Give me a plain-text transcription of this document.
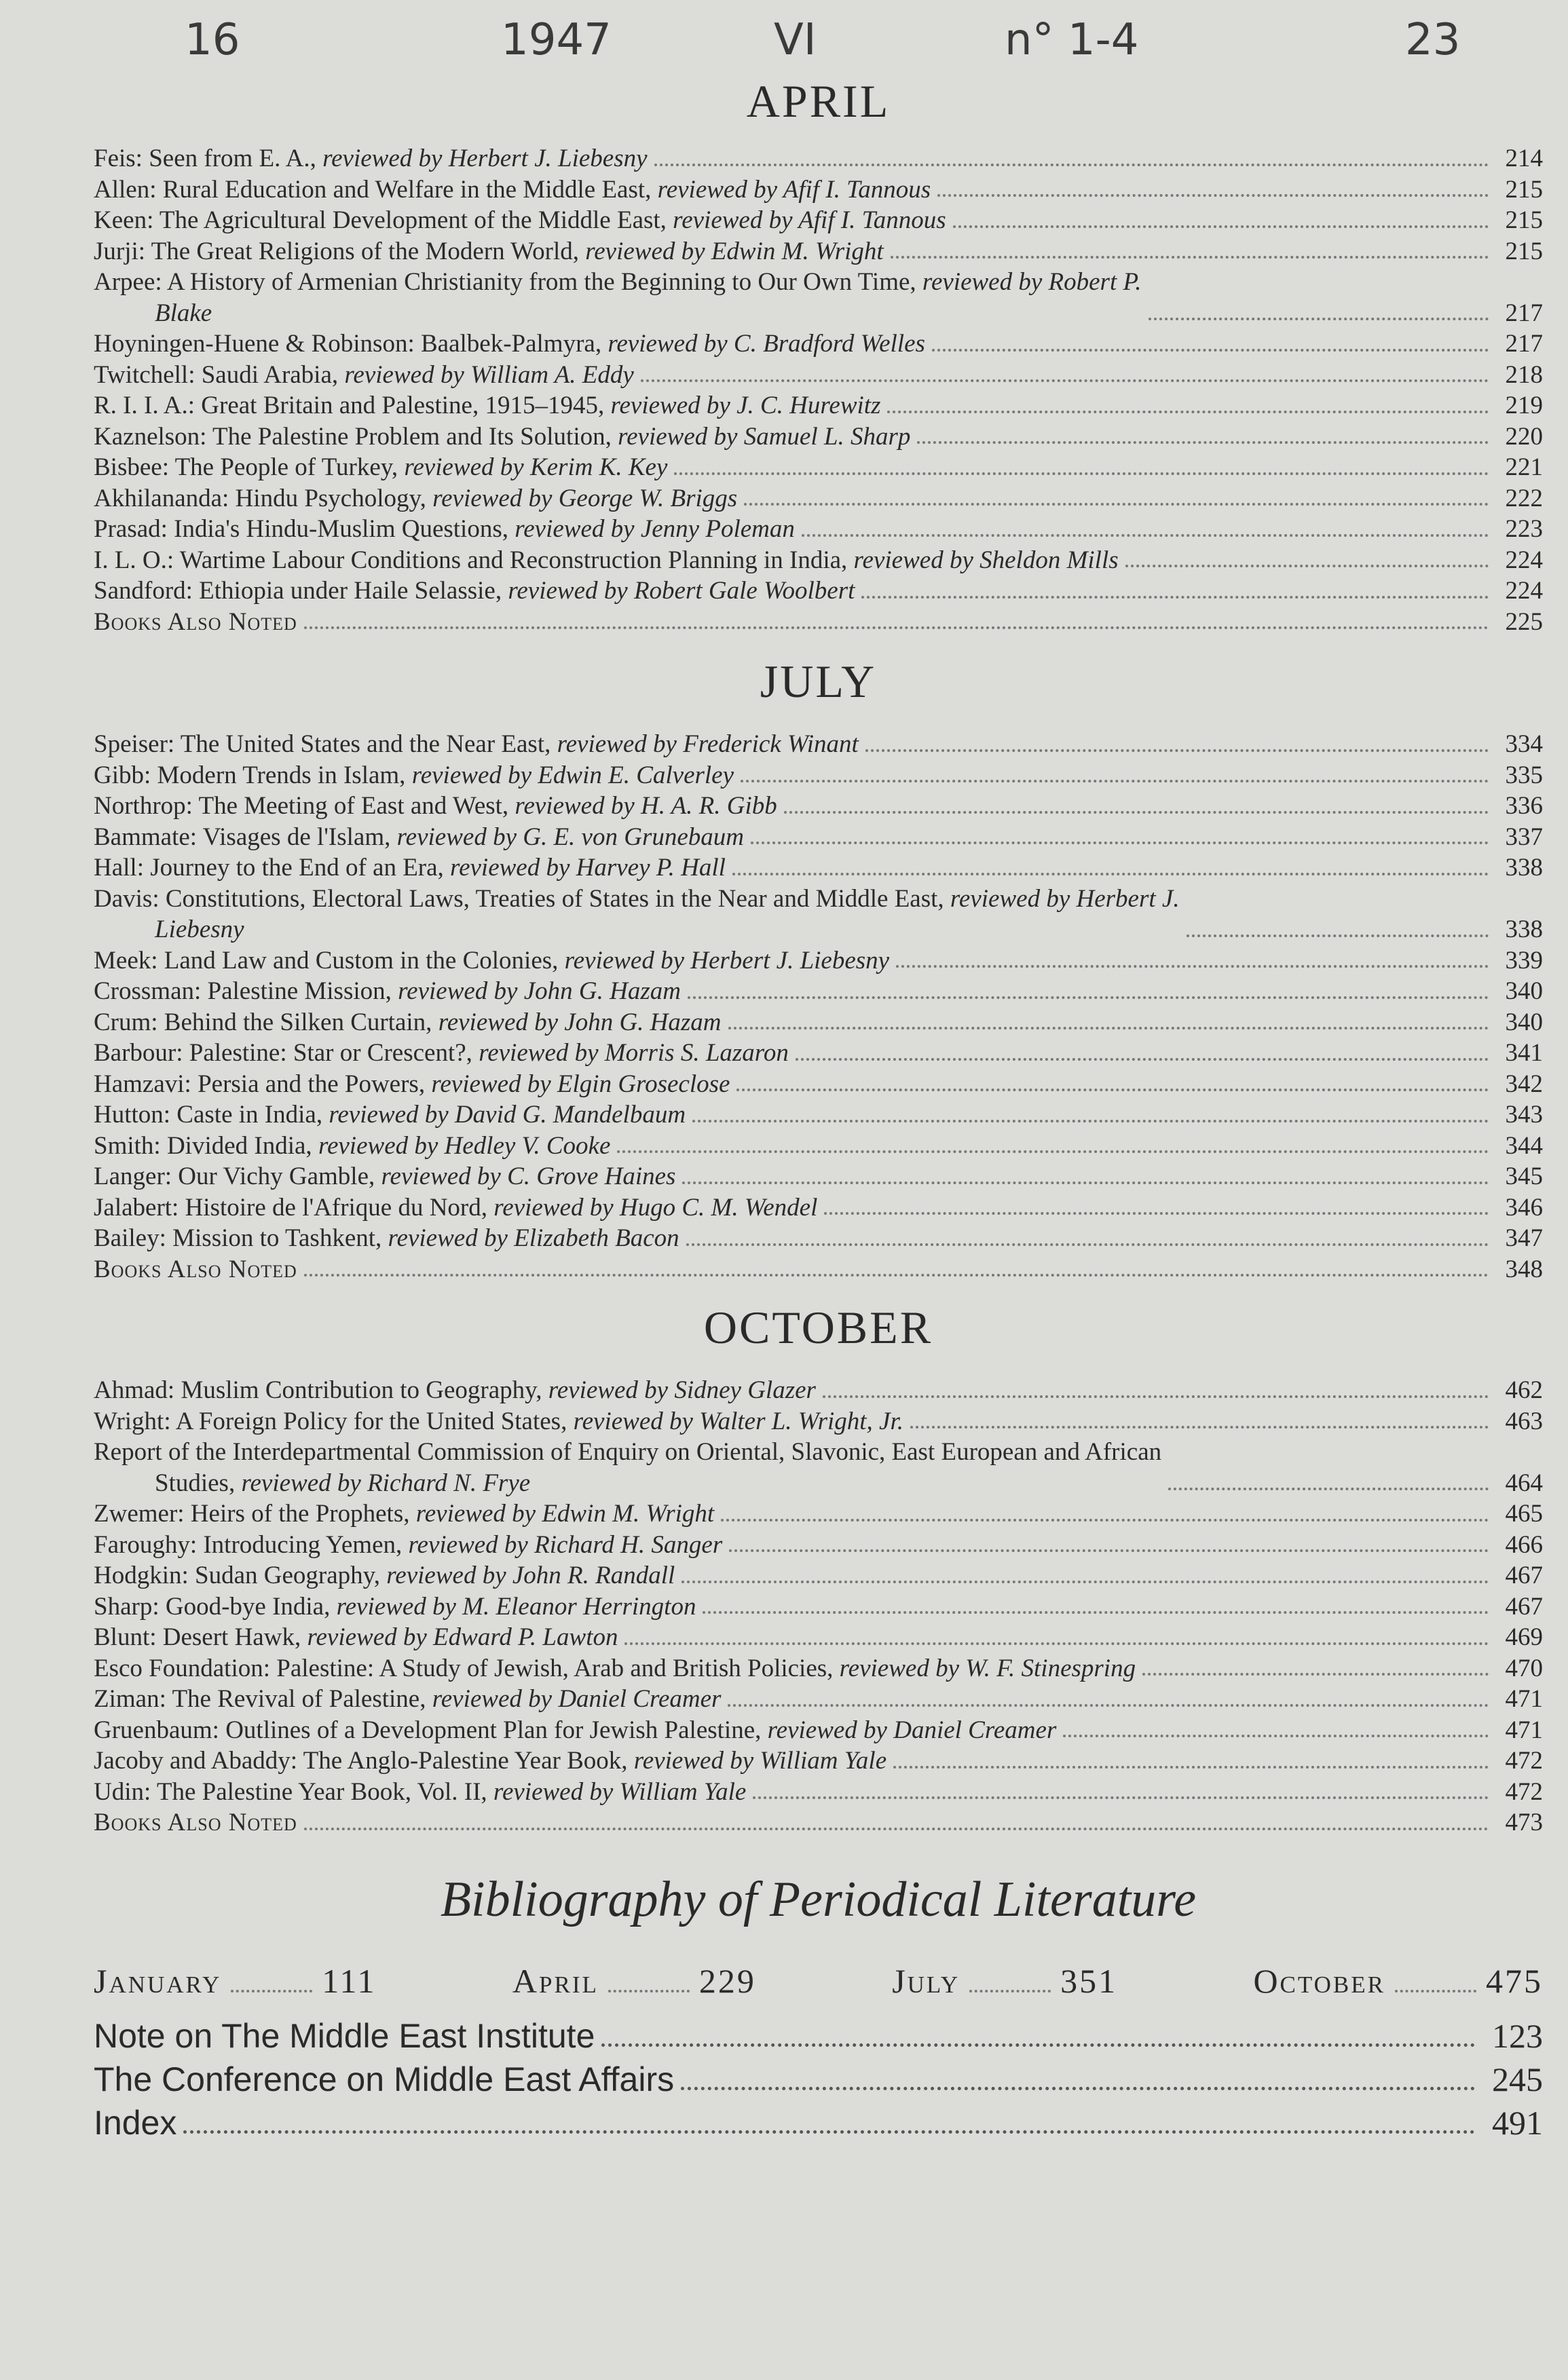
16	1947	VI	n° 1-4	23
APRIL
Feis: Seen from E. A., reviewed by Herbert J. Liebesny	214
Allen: Rural Education and Welfare in the Middle East, reviewed by Afif I. Tannous	215
Keen: The Agricultural Development of the Middle East, reviewed by Afif I. Tannous	215
Jurji: The Great Religions of the Modern World, reviewed by Edwin M. Wright	215
Arpee: A History of Armenian Christianity from the Beginning to Our Own Time, reviewed by Robert P.
Blake	217
Hoyningen-Huene & Robinson: Baalbek-Palmyra, reviewed by C. Bradford Welles	217
Twitchell: Saudi Arabia, reviewed by William A. Eddy	218
R. I. I. A.: Great Britain and Palestine, 1915–1945, reviewed by J. C. Hurewitz	219
Kaznelson: The Palestine Problem and Its Solution, reviewed by Samuel L. Sharp	220
Bisbee: The People of Turkey, reviewed by Kerim K. Key	221
Akhilananda: Hindu Psychology, reviewed by George W. Briggs	222
Prasad: India's Hindu-Muslim Questions, reviewed by Jenny Poleman	223
I. L. O.: Wartime Labour Conditions and Reconstruction Planning in India, reviewed by Sheldon Mills	224
Sandford: Ethiopia under Haile Selassie, reviewed by Robert Gale Woolbert	224
Books Also Noted	225
JULY
Speiser: The United States and the Near East, reviewed by Frederick Winant	334
Gibb: Modern Trends in Islam, reviewed by Edwin E. Calverley	335
Northrop: The Meeting of East and West, reviewed by H. A. R. Gibb	336
Bammate: Visages de l'Islam, reviewed by G. E. von Grunebaum	337
Hall: Journey to the End of an Era, reviewed by Harvey P. Hall	338
Davis: Constitutions, Electoral Laws, Treaties of States in the Near and Middle East, reviewed by Herbert J.
Liebesny	338
Meek: Land Law and Custom in the Colonies, reviewed by Herbert J. Liebesny	339
Crossman: Palestine Mission, reviewed by John G. Hazam	340
Crum: Behind the Silken Curtain, reviewed by John G. Hazam	340
Barbour: Palestine: Star or Crescent?, reviewed by Morris S. Lazaron	341
Hamzavi: Persia and the Powers, reviewed by Elgin Groseclose	342
Hutton: Caste in India, reviewed by David G. Mandelbaum	343
Smith: Divided India, reviewed by Hedley V. Cooke	344
Langer: Our Vichy Gamble, reviewed by C. Grove Haines	345
Jalabert: Histoire de l'Afrique du Nord, reviewed by Hugo C. M. Wendel	346
Bailey: Mission to Tashkent, reviewed by Elizabeth Bacon	347
Books Also Noted	348
OCTOBER
Ahmad: Muslim Contribution to Geography, reviewed by Sidney Glazer	462
Wright: A Foreign Policy for the United States, reviewed by Walter L. Wright, Jr.	463
Report of the Interdepartmental Commission of Enquiry on Oriental, Slavonic, East European and African
Studies, reviewed by Richard N. Frye	464
Zwemer: Heirs of the Prophets, reviewed by Edwin M. Wright	465
Faroughy: Introducing Yemen, reviewed by Richard H. Sanger	466
Hodgkin: Sudan Geography, reviewed by John R. Randall	467
Sharp: Good-bye India, reviewed by M. Eleanor Herrington	467
Blunt: Desert Hawk, reviewed by Edward P. Lawton	469
Esco Foundation: Palestine: A Study of Jewish, Arab and British Policies, reviewed by W. F. Stinespring	470
Ziman: The Revival of Palestine, reviewed by Daniel Creamer	471
Gruenbaum: Outlines of a Development Plan for Jewish Palestine, reviewed by Daniel Creamer	471
Jacoby and Abaddy: The Anglo-Palestine Year Book, reviewed by William Yale	472
Udin: The Palestine Year Book, Vol. II, reviewed by William Yale	472
Books Also Noted	473
Bibliography of Periodical Literature
January	111	April	229	July	351	October	475
Note on The Middle East Institute	123
The Conference on Middle East Affairs	245
Index	491
